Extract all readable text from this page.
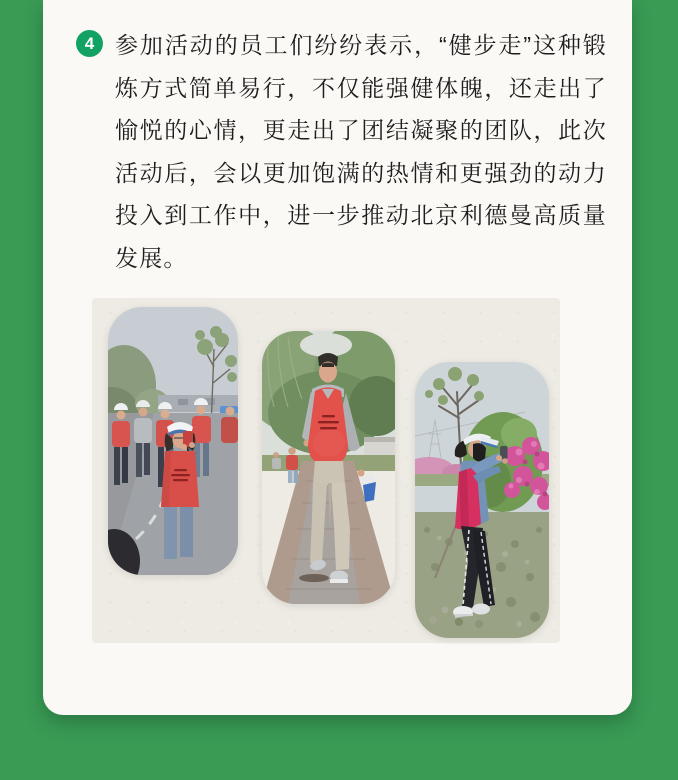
4 参加活动的员工们纷纷表示，“健步走”这种锻炼方式简单易行，不仅能强健体魄，还走出了愉悦的心情，更走出了团结凝聚的团队，此次活动后，会以更加饱满的热情和更强劲的动力投入到工作中，进一步推动北京利德曼高质量发展。
